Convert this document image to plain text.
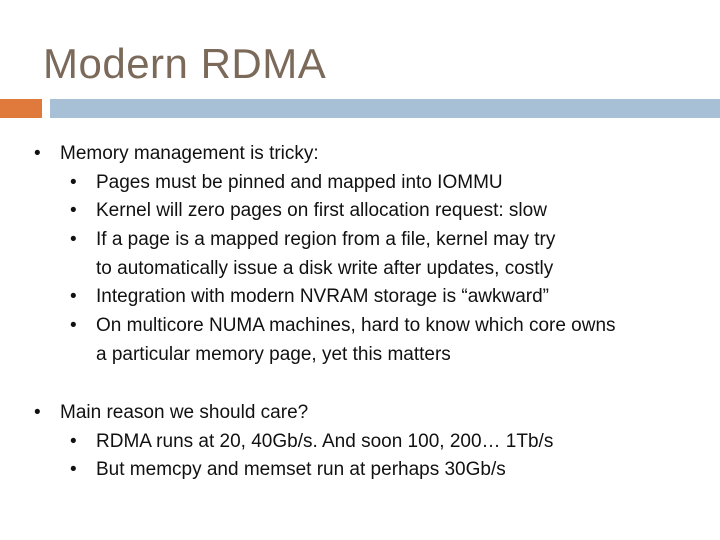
Modern RDMA
• Memory management is tricky:
• Pages must be pinned and mapped into IOMMU
• Kernel will zero pages on first allocation request: slow
• If a page is a mapped region from a file, kernel may try
to automatically issue a disk write after updates, costly
• Integration with modern NVRAM storage is “awkward”
• On multicore NUMA machines, hard to know which core owns
a particular memory page, yet this matters
• Main reason we should care?
• RDMA runs at 20, 40Gb/s. And soon 100, 200… 1Tb/s
• But memcpy and memset run at perhaps 30Gb/s
